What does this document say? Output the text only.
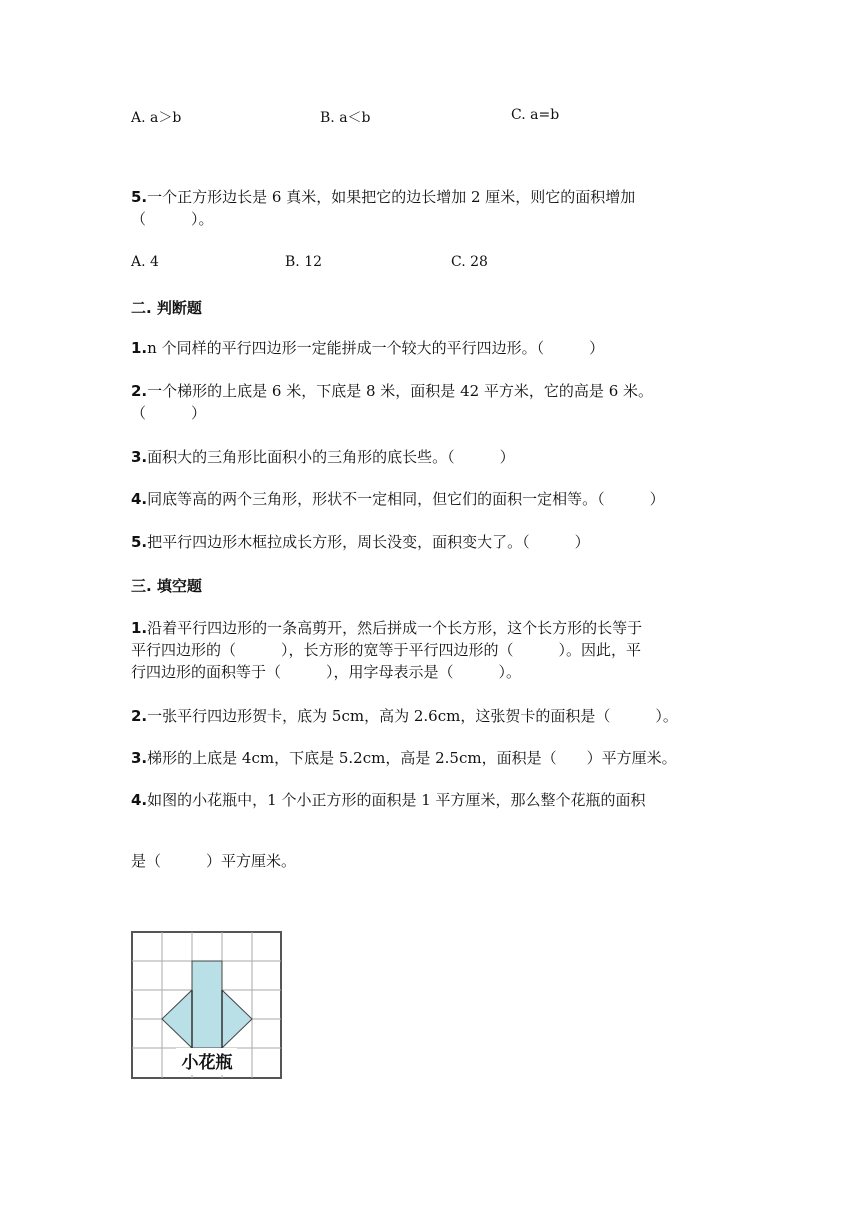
A. a＞b	B. a＜b	C. a=b
5.一个正方形边长是 6 真米，如果把它的边长增加 2 厘米，则它的面积增加
（　　　）。
A. 4	B. 12	C. 28
二. 判断题
1.n 个同样的平行四边形一定能拼成一个较大的平行四边形。（　　　）
2.一个梯形的上底是 6 米，下底是 8 米，面积是 42 平方米，它的高是 6 米。
（　　　）
3.面积大的三角形比面积小的三角形的底长些。（　　　）
4.同底等高的两个三角形，形状不一定相同，但它们的面积一定相等。（　　　）
5.把平行四边形木框拉成长方形，周长没变，面积变大了。（　　　）
三. 填空题
1.沿着平行四边形的一条高剪开，然后拼成一个长方形，这个长方形的长等于
平行四边形的（　　　），长方形的宽等于平行四边形的（　　　）。因此，平
行四边形的面积等于（　　　），用字母表示是（　　　）。
2.一张平行四边形贺卡，底为 5cm，高为 2.6cm，这张贺卡的面积是（　　　）。
3.梯形的上底是 4cm，下底是 5.2cm，高是 2.5cm，面积是（　　）平方厘米。
4.如图的小花瓶中，1 个小正方形的面积是 1 平方厘米，那么整个花瓶的面积
是（　　　）平方厘米。
小花瓶
